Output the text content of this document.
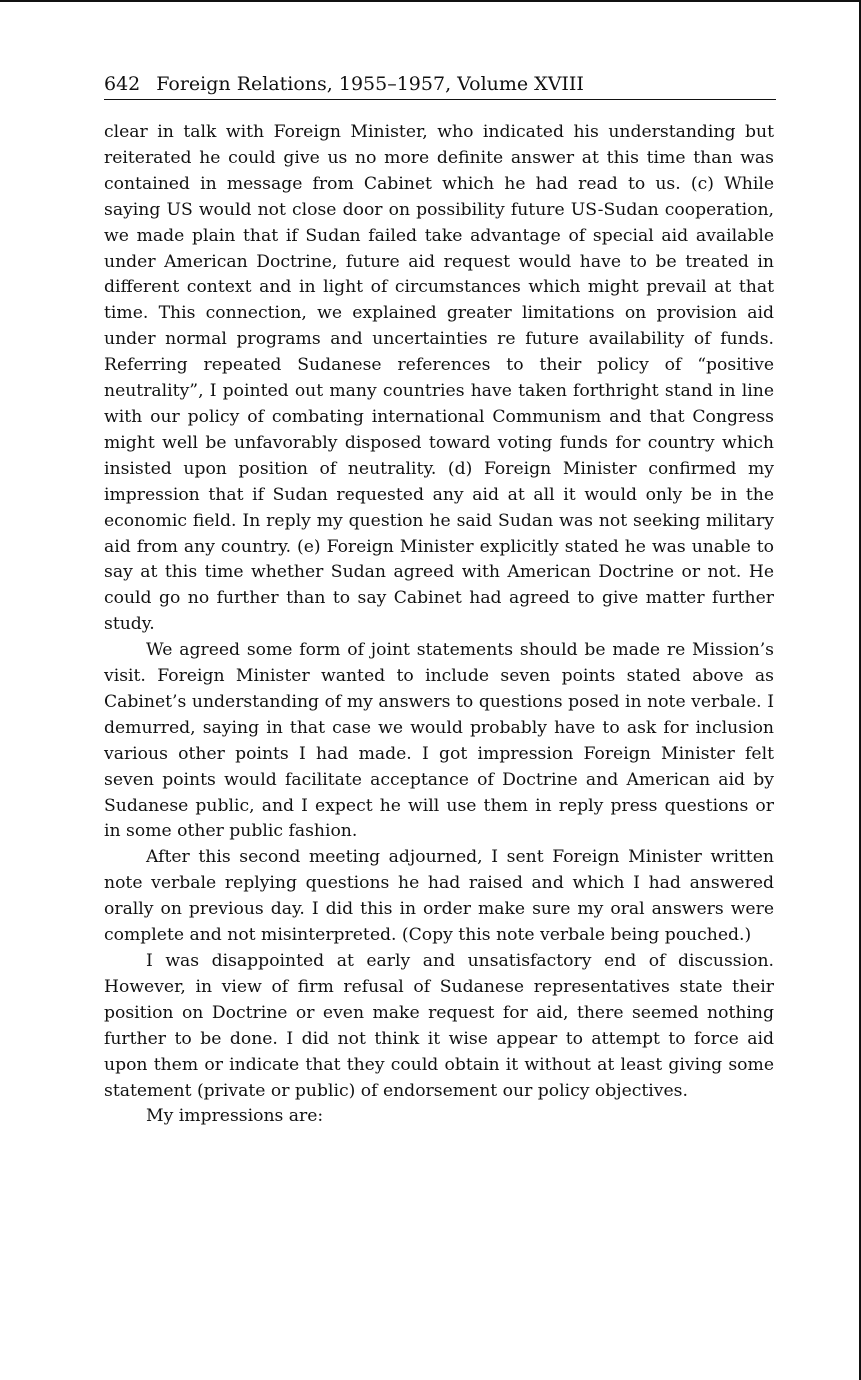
642 Foreign Relations, 1955–1957, Volume XVIII

clear in talk with Foreign Minister, who indicated his understanding but reiterated he could give us no more definite answer at this time than was contained in message from Cabinet which he had read to us. (c) While saying US would not close door on possibility future US-Sudan cooperation, we made plain that if Sudan failed take advantage of special aid available under American Doctrine, future aid request would have to be treated in different context and in light of circumstances which might prevail at that time. This connection, we explained greater limitations on provision aid under normal programs and uncertainties re future availability of funds. Referring repeated Sudanese references to their policy of “positive neutrality”, I pointed out many countries have taken forthright stand in line with our policy of combating international Communism and that Congress might well be unfavorably disposed toward voting funds for country which insisted upon position of neutrality. (d) Foreign Minister confirmed my impression that if Sudan requested any aid at all it would only be in the economic field. In reply my question he said Sudan was not seeking military aid from any country. (e) Foreign Minister explicitly stated he was unable to say at this time whether Sudan agreed with American Doctrine or not. He could go no further than to say Cabinet had agreed to give matter further study.

We agreed some form of joint statements should be made re Mission’s visit. Foreign Minister wanted to include seven points stated above as Cabinet’s understanding of my answers to questions posed in note verbale. I demurred, saying in that case we would probably have to ask for inclusion various other points I had made. I got impression Foreign Minister felt seven points would facilitate acceptance of Doctrine and American aid by Sudanese public, and I expect he will use them in reply press questions or in some other public fashion.

After this second meeting adjourned, I sent Foreign Minister written note verbale replying questions he had raised and which I had answered orally on previous day. I did this in order make sure my oral answers were complete and not misinterpreted. (Copy this note verbale being pouched.)

I was disappointed at early and unsatisfactory end of discussion. However, in view of firm refusal of Sudanese representatives state their position on Doctrine or even make request for aid, there seemed nothing further to be done. I did not think it wise appear to attempt to force aid upon them or indicate that they could obtain it without at least giving some statement (private or public) of endorsement our policy objectives.

My impressions are:
